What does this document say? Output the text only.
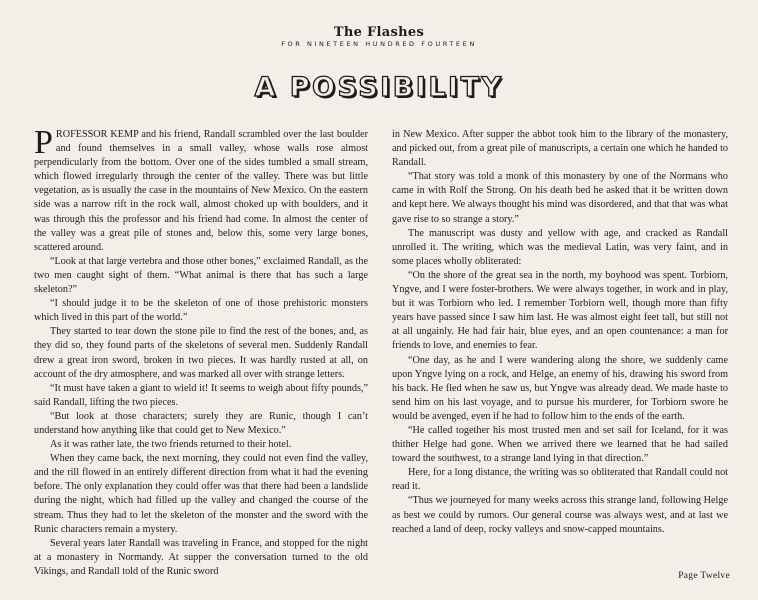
The Flashes
FOR NINETEEN HUNDRED FOURTEEN
A POSSIBILITY

PROFESSOR KEMP and his friend, Randall scrambled over the last boulder and found themselves in a small valley, whose walls rose almost perpendicularly from the bottom. Over one of the sides tumbled a small stream, which flowed irregularly through the center of the valley. There was but little vegetation, as is usually the case in the mountains of New Mexico. On the eastern side was a narrow rift in the rock wall, almost choked up with boulders, and it was through this the professor and his friend had come. In almost the center of the valley was a great pile of stones and, below this, some very large bones, scattered around.

“Look at that large vertebra and those other bones,” exclaimed Randall, as the two men caught sight of them. “What animal is there that has such a large skeleton?”

“I should judge it to be the skeleton of one of those prehistoric monsters which lived in this part of the world.”

They started to tear down the stone pile to find the rest of the bones, and, as they did so, they found parts of the skeletons of several men. Suddenly Randall drew a great iron sword, broken in two pieces. It was hardly rusted at all, on account of the dry atmosphere, and was marked all over with strange letters.

“It must have taken a giant to wield it! It seems to weigh about fifty pounds,” said Randall, lifting the two pieces.

“But look at those characters; surely they are Runic, though I can’t understand how anything like that could get to New Mexico.”

As it was rather late, the two friends returned to their hotel.

When they came back, the next morning, they could not even find the valley, and the rill flowed in an entirely different direction from what it had the evening before. The only explanation they could offer was that there had been a landslide during the night, which had filled up the valley and changed the course of the stream. Thus they had to let the skeleton of the monster and the sword with the Runic characters remain a mystery.

Several years later Randall was traveling in France, and stopped for the night at a monastery in Normandy. At supper the conversation turned to the old Vikings, and Randall told of the Runic sword

in New Mexico. After supper the abbot took him to the library of the monastery, and picked out, from a great pile of manuscripts, a certain one which he handed to Randall.

“That story was told a monk of this monastery by one of the Normans who came in with Rolf the Strong. On his death bed he asked that it be written down and kept here. We always thought his mind was disordered, and that that was what gave rise to so strange a story.”

The manuscript was dusty and yellow with age, and cracked as Randall unrolled it. The writing, which was the medieval Latin, was very faint, and in some places wholly obliterated:

“On the shore of the great sea in the north, my boyhood was spent. Torbiorn, Yngve, and I were foster-brothers. We were always together, in work and in play, but it was Torbiorn who led. I remember Torbiorn well, though more than fifty years have passed since I saw him last. He was almost eight feet tall, but still not at all ungainly. He had fair hair, blue eyes, and an open countenance: a man for friends to love, and enemies to fear.

“One day, as he and I were wandering along the shore, we suddenly came upon Yngve lying on a rock, and Helge, an enemy of his, drawing his sword from his back. He fled when he saw us, but Yngve was already dead. We made haste to send him on his last voyage, and to pursue his murderer, for Torbiorn swore he would be avenged, even if he had to follow him to the ends of the earth.

“He called together his most trusted men and set sail for Iceland, for it was thither Helge had gone. When we arrived there we learned that he had sailed toward the southwest, to a strange land lying in that direction.”

Here, for a long distance, the writing was so obliterated that Randall could not read it.

“Thus we journeyed for many weeks across this strange land, following Helge as best we could by rumors. Our general course was always west, and at last we reached a land of deep, rocky valleys and snow-capped mountains.

Page Twelve
